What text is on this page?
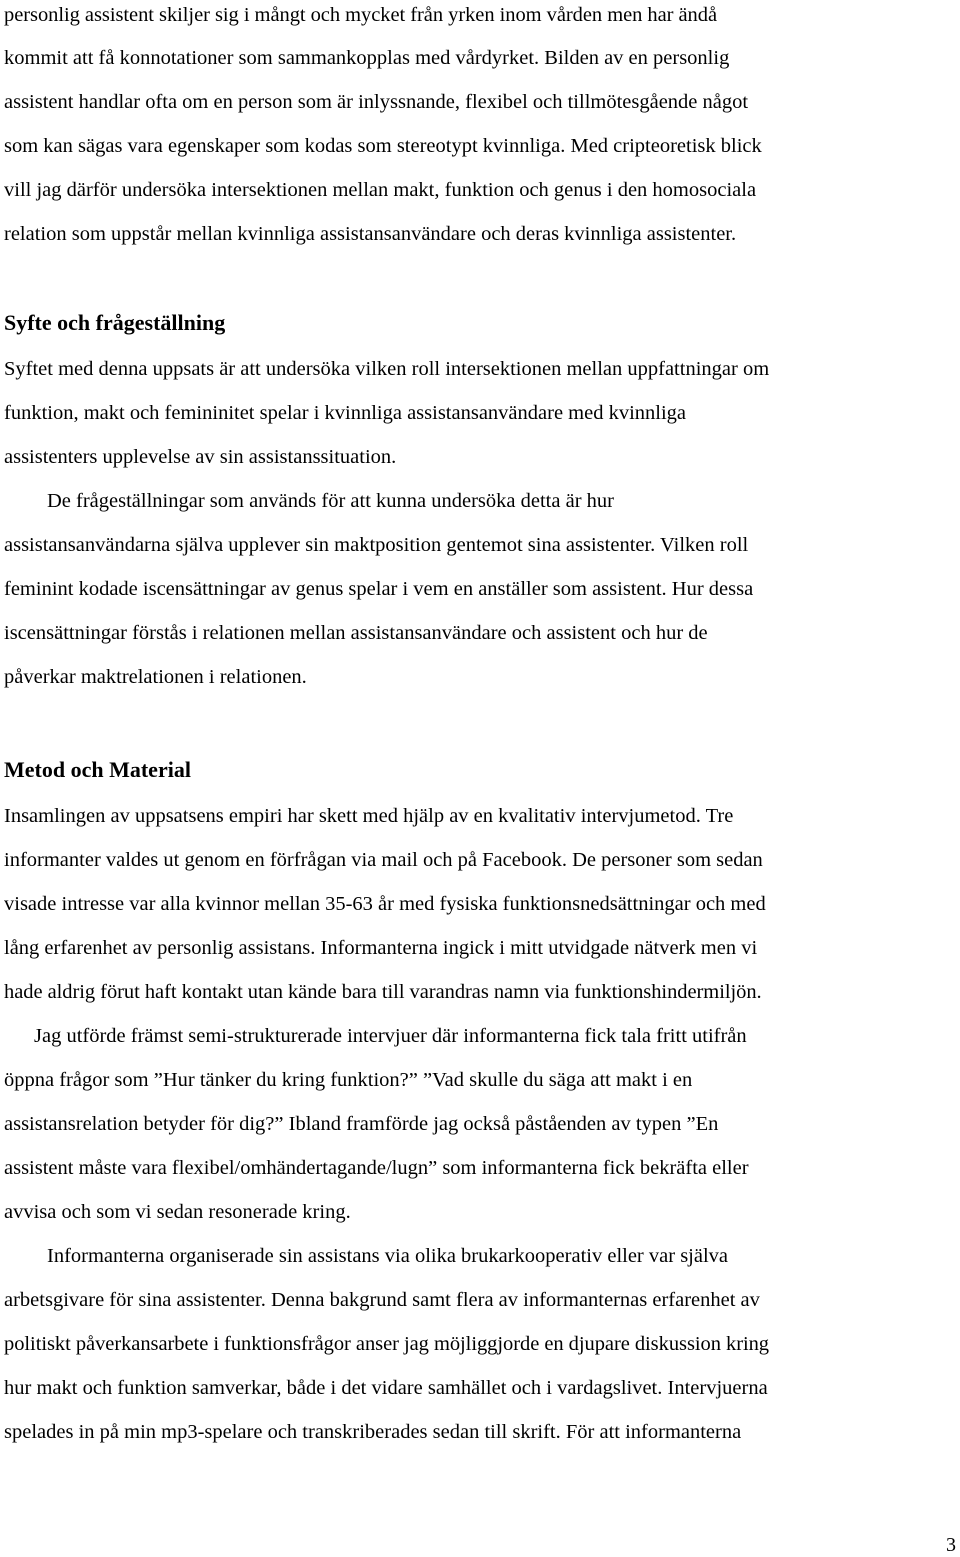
personlig assistent skiljer sig i mångt och mycket från yrken inom vården men har ändå
kommit att få konnotationer som sammankopplas med vårdyrket. Bilden av en personlig
assistent handlar ofta om en person som är inlyssnande, flexibel och tillmötesgående något
som kan sägas vara egenskaper som kodas som stereotypt kvinnliga. Med cripteoretisk blick
vill jag därför undersöka intersektionen mellan makt, funktion och genus i den homosociala
relation som uppstår mellan kvinnliga assistansanvändare och deras kvinnliga assistenter.
Syfte och frågeställning
Syftet med denna uppsats är att undersöka vilken roll intersektionen mellan uppfattningar om
funktion, makt och femininitet spelar i kvinnliga assistansanvändare med kvinnliga
assistenters upplevelse av sin assistanssituation.
De frågeställningar som används för att kunna undersöka detta är hur
assistansanvändarna själva upplever sin maktposition gentemot sina assistenter. Vilken roll
feminint kodade iscensättningar av genus spelar i vem en anställer som assistent. Hur dessa
iscensättningar förstås i relationen mellan assistansanvändare och assistent och hur de
påverkar maktrelationen i relationen.
Metod och Material
Insamlingen av uppsatsens empiri har skett med hjälp av en kvalitativ intervjumetod. Tre
informanter valdes ut genom en förfrågan via mail och på Facebook. De personer som sedan
visade intresse var alla kvinnor mellan 35-63 år med fysiska funktionsnedsättningar och med
lång erfarenhet av personlig assistans. Informanterna ingick i mitt utvidgade nätverk men vi
hade aldrig förut haft kontakt utan kände bara till varandras namn via funktionshindermiljön.
Jag utförde främst semi-strukturerade intervjuer där informanterna fick tala fritt utifrån
öppna frågor som ”Hur tänker du kring funktion?” ”Vad skulle du säga att makt i en
assistansrelation betyder för dig?” Ibland framförde jag också påståenden av typen ”En
assistent måste vara flexibel/omhändertagande/lugn” som informanterna fick bekräfta eller
avvisa och som vi sedan resonerade kring.
Informanterna organiserade sin assistans via olika brukarkooperativ eller var själva
arbetsgivare för sina assistenter. Denna bakgrund samt flera av informanternas erfarenhet av
politiskt påverkansarbete i funktionsfrågor anser jag möjliggjorde en djupare diskussion kring
hur makt och funktion samverkar, både i det vidare samhället och i vardagslivet. Intervjuerna
spelades in på min mp3-spelare och transkriberades sedan till skrift. För att informanterna
3
